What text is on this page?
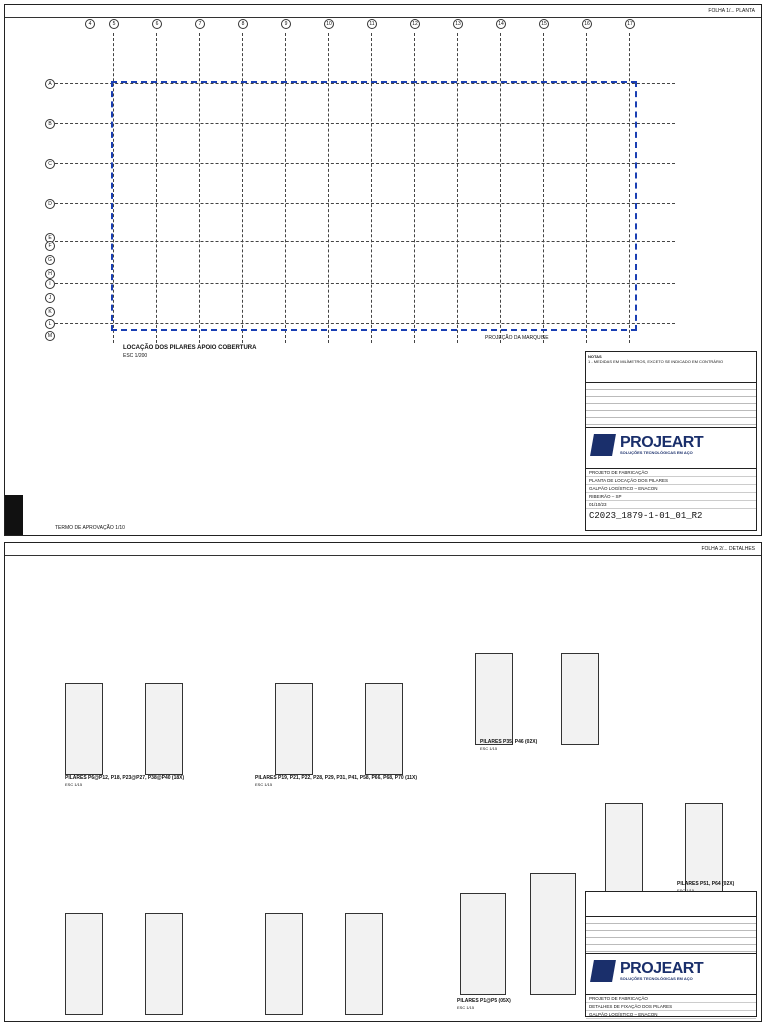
FOLHA 1/... PLANTA
4	5	6	7	8	9	10	11	12	13	14	15	16	17
A
B
C
D
E
F
G
H
I
J
K
L
M
LOCAÇÃO DOS PILARES APOIO COBERTURA
ESC 1/200
PROJEÇÃO DA MARQUISE
TERMO DE APROVAÇÃO 1/10
NOTAS
1 - MEDIDAS EM MILÍMETROS, EXCETO SE INDICADO EM CONTRÁRIO
PROJEART
SOLUÇÕES TECNOLÓGICAS EM AÇO
PROJETO DE FABRICAÇÃO
PLANTA DE LOCAÇÃO DOS PILARES
GALPÃO LOGÍSTICO – ENACON
RIBEIRÃO – SP
01/10/23
C2023_1879-1-01_01_R2
FOLHA 2/... DETALHES
PILARES P6@P12, P18, P23@P27, P38@P40 (18X)
ESC 1/15
PILARES P19, P21, P22, P28, P29, P31, P41, P58, P66, P68, P70 (11X)
ESC 1/15
PILARES P35, P46 (02X)
ESC 1/15
PILARES P51, P64 (02X)
PILARES P1@P5 (05X)
ESC 1/15
PROJEART
SOLUÇÕES TECNOLÓGICAS EM AÇO
PROJETO DE FABRICAÇÃO
DETALHES DE FIXAÇÃO DOS PILARES
GALPÃO LOGÍSTICO – ENACON
